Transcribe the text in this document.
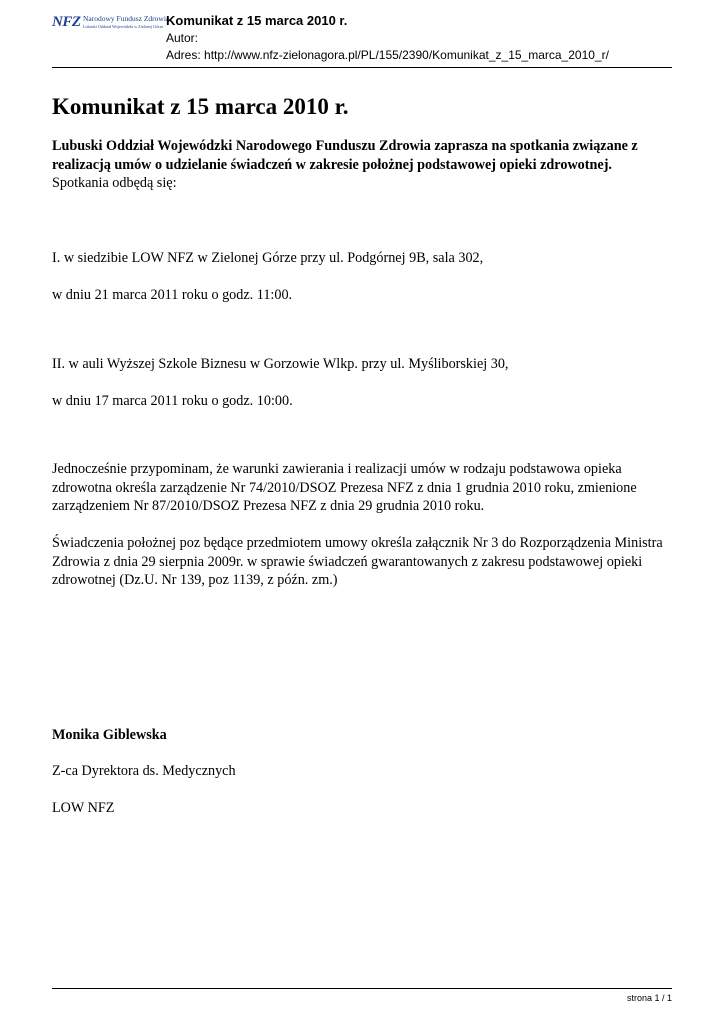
NFZ Narodowy Fundusz Zdrowia
Lubuski Oddział Wojewódzki w Zielonej Górze Komunikat z 15 marca 2010 r.
Autor:
Adres: http://www.nfz-zielonagora.pl/PL/155/2390/Komunikat_z_15_marca_2010_r/
Komunikat z 15 marca 2010 r.

Lubuski Oddział Wojewódzki Narodowego Funduszu Zdrowia zaprasza na spotkania związane z realizacją umów o udzielanie świadczeń w zakresie położnej podstawowej opieki zdrowotnej.
Spotkania odbędą się:

I. w siedzibie LOW NFZ w Zielonej Górze przy ul. Podgórnej 9B, sala 302,

w dniu 21 marca 2011 roku o godz. 11:00.

II. w auli Wyższej Szkole Biznesu w Gorzowie Wlkp. przy ul. Myśliborskiej 30,

w dniu 17 marca 2011 roku o godz. 10:00.

Jednocześnie przypominam, że warunki zawierania i realizacji umów w rodzaju podstawowa opieka zdrowotna określa zarządzenie Nr 74/2010/DSOZ Prezesa NFZ z dnia 1 grudnia 2010 roku, zmienione zarządzeniem Nr 87/2010/DSOZ Prezesa NFZ z dnia 29 grudnia 2010 roku.

Świadczenia położnej poz będące przedmiotem umowy określa załącznik Nr 3 do Rozporządzenia Ministra Zdrowia z dnia 29 sierpnia 2009r. w sprawie świadczeń gwarantowanych z zakresu podstawowej opieki zdrowotnej (Dz.U. Nr 139, poz 1139, z późn. zm.)

Monika Giblewska

Z-ca Dyrektora ds. Medycznych

LOW NFZ

strona 1 / 1
